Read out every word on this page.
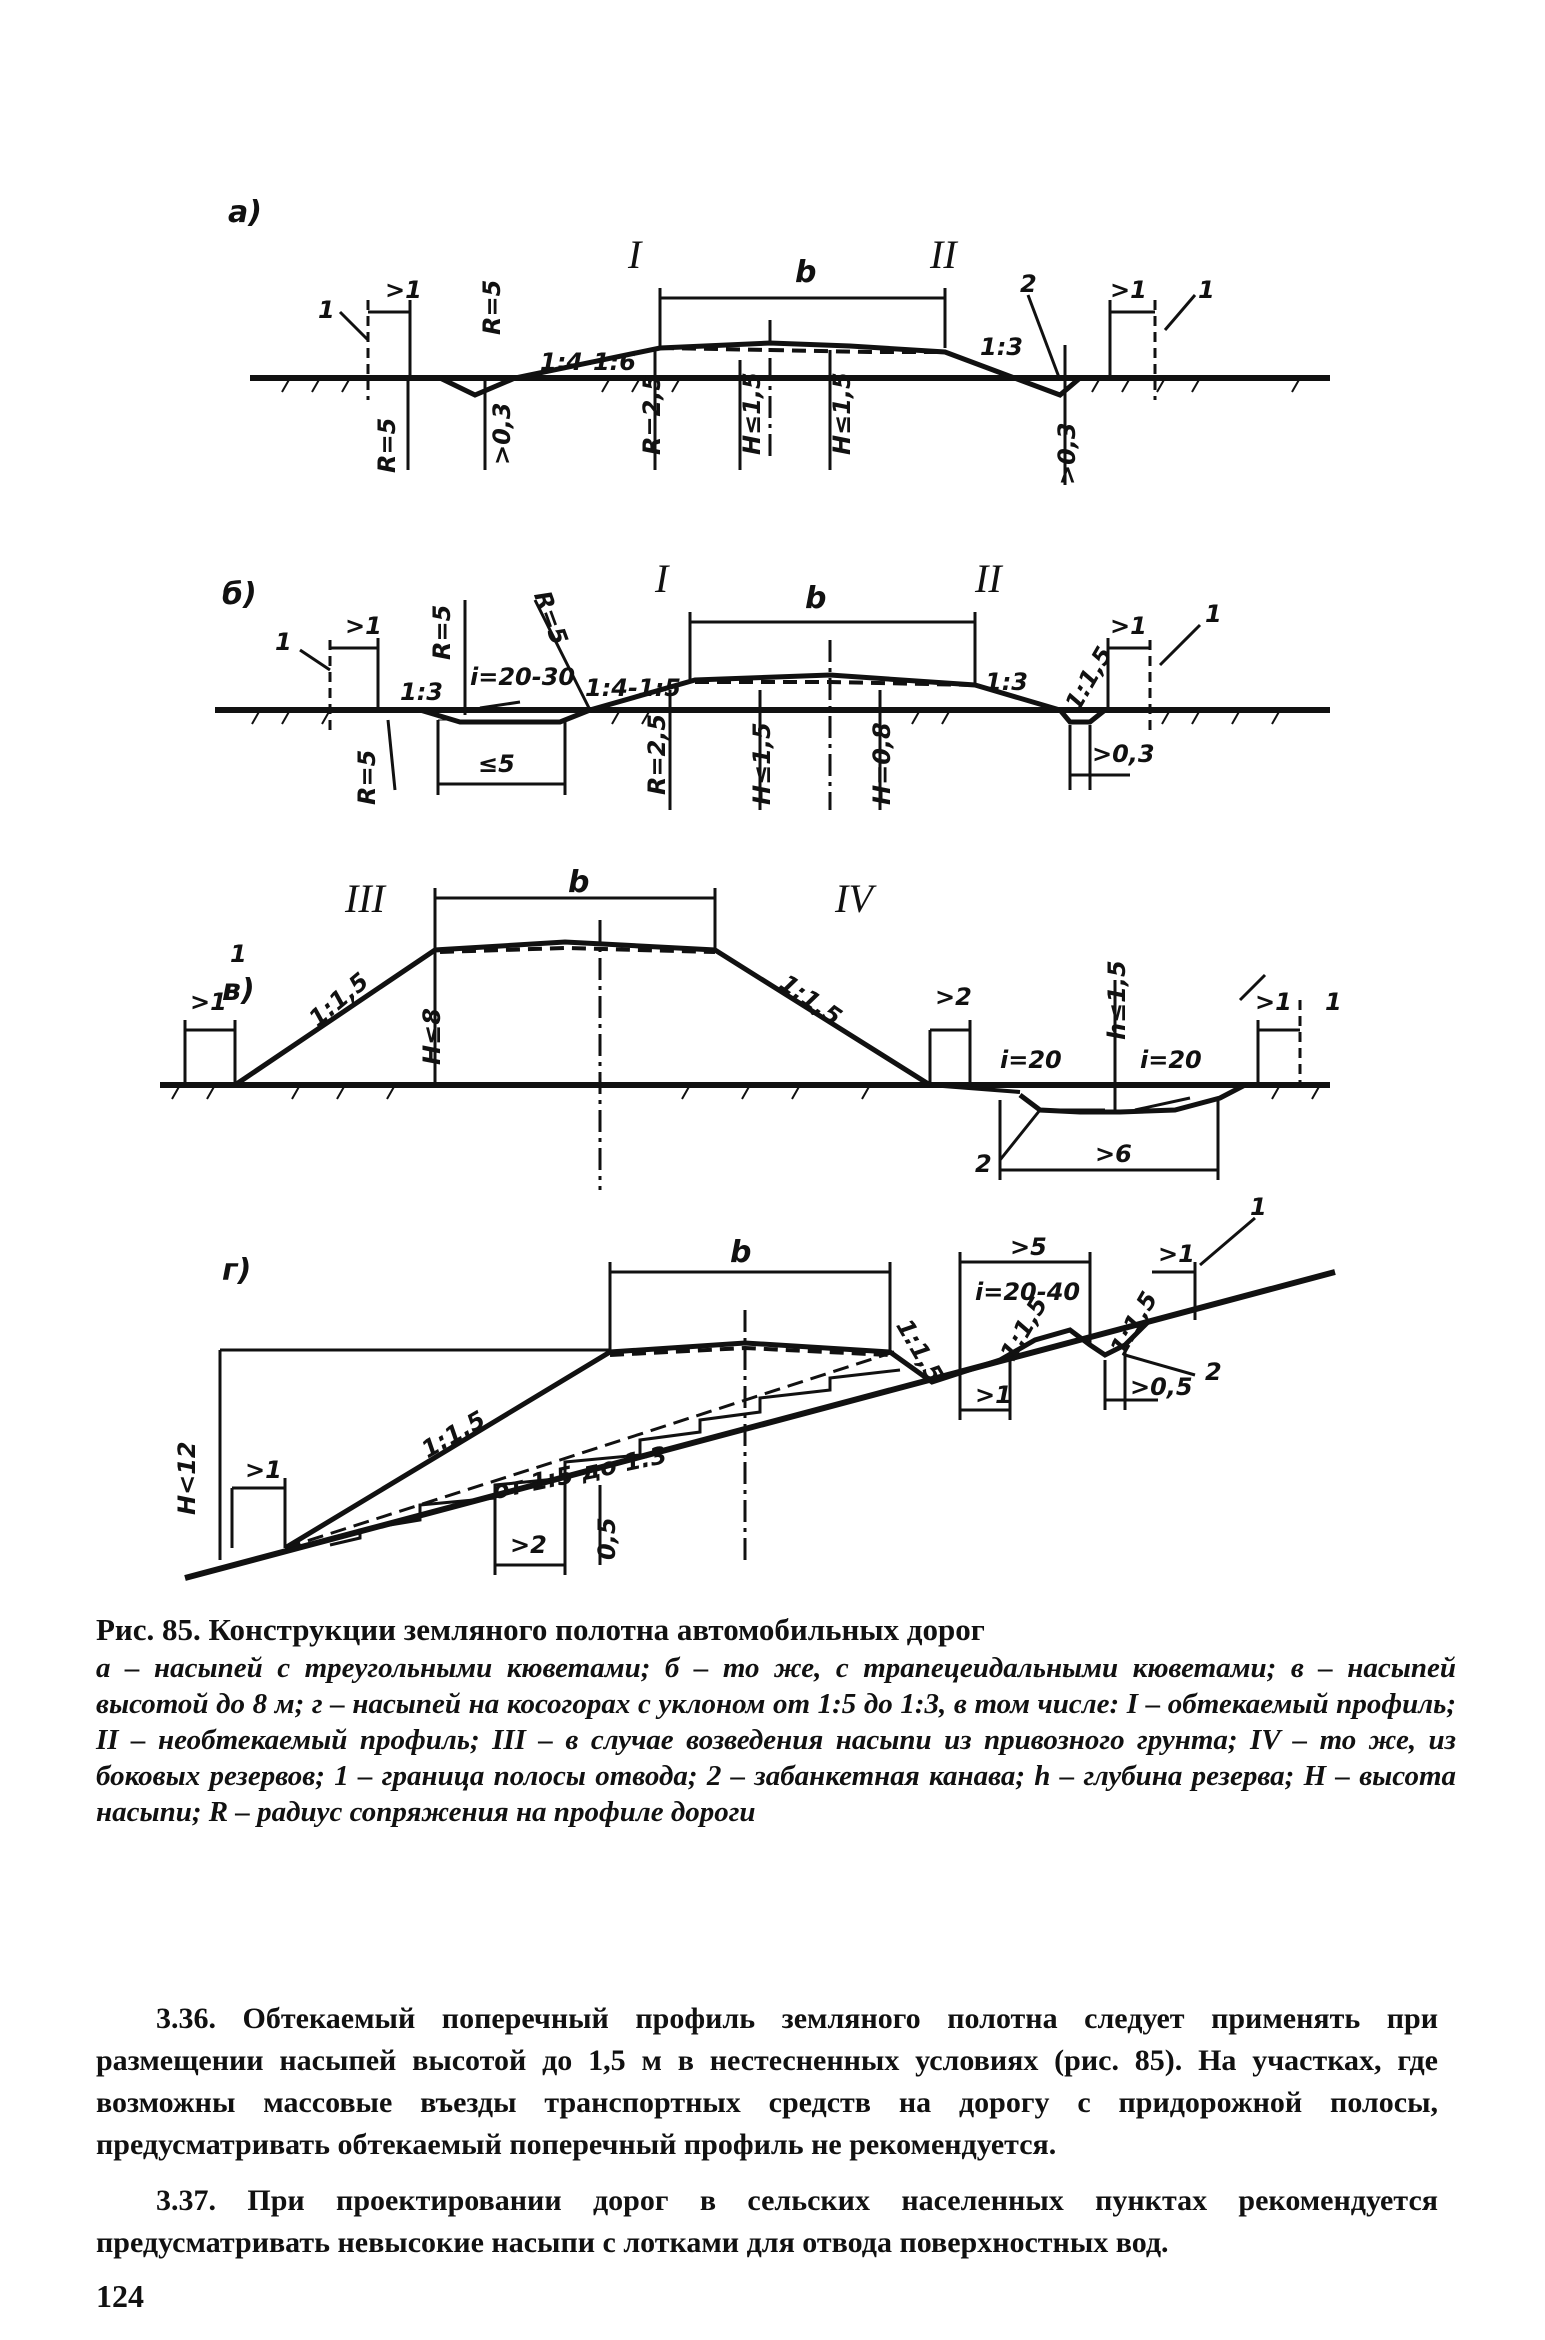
а)
>1 R=5
R=5	>0,3
1:4-1:6
R=2,5	H≤1,5	H≤1,5
1:3
>0,3
>1
I	b	II
1
2	1
б)
>1 R=5
1:3
R=5
i=20-30
R=5
≤5
1:4-1:5
R=2,5	H≤1,5	H=0,8
1:3 1:1,5
>0,3
>1
I	b	II
1
1
в)
>1	1:1,5
H≤8
1:1,5	>2	h≤1,5
i=20	i=20
>6
>1
III	b	IV
1
2
1
г)
H<12 >1
1:1,5
от 1:5 до 1:3
>2 0,5
1:1,5
>1
>5
i=20-40
1:1,5 1:1,5
>1
>0,5
b
1
2

Рис. 85. Конструкции земляного полотна автомобильных дорог

а – насыпей с треугольными кюветами; б – то же, с трапецеидальными кюветами; в – насыпей высотой до 8 м; г – насыпей на косогорах с уклоном от 1:5 до 1:3, в том числе: I – обтекаемый профиль; II – необтекаемый профиль; III – в случае возведения насыпи из привозного грунта; IV – то же, из боковых резервов; 1 – граница полосы отвода; 2 – забанкетная канава; h – глубина резерва; H – высота насыпи; R – радиус сопряжения на профиле дороги

3.36. Обтекаемый поперечный профиль земляного полотна следует применять при размещении насыпей высотой до 1,5 м в нестесненных условиях (рис. 85). На участках, где возможны массовые въезды транспортных средств на дорогу с придорожной полосы, предусматривать обтекаемый поперечный профиль не рекомендуется.

3.37. При проектировании дорог в сельских населенных пунктах рекомендуется предусматривать невысокие насыпи с лотками для отвода поверхностных вод.

124
